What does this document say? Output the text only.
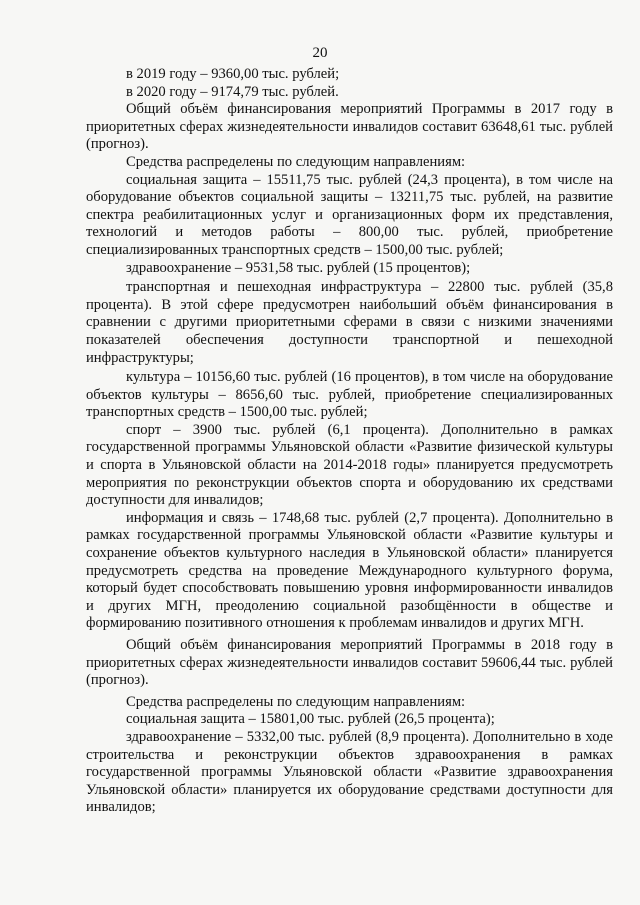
20

в 2019 году – 9360,00 тыс. рублей;

в 2020 году – 9174,79 тыс. рублей.

Общий объём финансирования мероприятий Программы в 2017 году в приоритетных сферах жизнедеятельности инвалидов составит 63648,61 тыс. рублей (прогноз).

Средства распределены по следующим направлениям:

социальная защита – 15511,75 тыс. рублей (24,3 процента), в том числе на оборудование объектов социальной защиты – 13211,75 тыс. рублей, на развитие спектра реабилитационных услуг и организационных форм их представления, технологий и методов работы – 800,00 тыс. рублей, приобретение специализированных транспортных средств – 1500,00 тыс. рублей;

здравоохранение – 9531,58 тыс. рублей (15 процентов);

транспортная и пешеходная инфраструктура – 22800 тыс. рублей (35,8 процента). В этой сфере предусмотрен наибольший объём финансирования в сравнении с другими приоритетными сферами в связи с низкими значениями показателей обеспечения доступности транспортной и пешеходной инфраструктуры;

культура – 10156,60 тыс. рублей (16 процентов), в том числе на оборудование объектов культуры – 8656,60 тыс. рублей, приобретение специализированных транспортных средств – 1500,00 тыс. рублей;

спорт – 3900 тыс. рублей (6,1 процента). Дополнительно в рамках государственной программы Ульяновской области «Развитие физической культуры и спорта в Ульяновской области на 2014-2018 годы» планируется предусмотреть мероприятия по реконструкции объектов спорта и оборудованию их средствами доступности для инвалидов;

информация и связь – 1748,68 тыс. рублей (2,7 процента). Дополнительно в рамках государственной программы Ульяновской области «Развитие культуры и сохранение объектов культурного наследия в Ульяновской области» планируется предусмотреть средства на проведение Международного культурного форума, который будет способствовать повышению уровня информированности инвалидов и других МГН, преодолению социальной разобщённости в обществе и формированию позитивного отношения к проблемам инвалидов и других МГН.

Общий объём финансирования мероприятий Программы в 2018 году в приоритетных сферах жизнедеятельности инвалидов составит 59606,44 тыс. рублей (прогноз).

Средства распределены по следующим направлениям:

социальная защита – 15801,00 тыс. рублей (26,5 процента);

здравоохранение – 5332,00 тыс. рублей (8,9 процента). Дополнительно в ходе строительства и реконструкции объектов здравоохранения в рамках государственной программы Ульяновской области «Развитие здравоохранения Ульяновской области» планируется их оборудование средствами доступности для инвалидов;
